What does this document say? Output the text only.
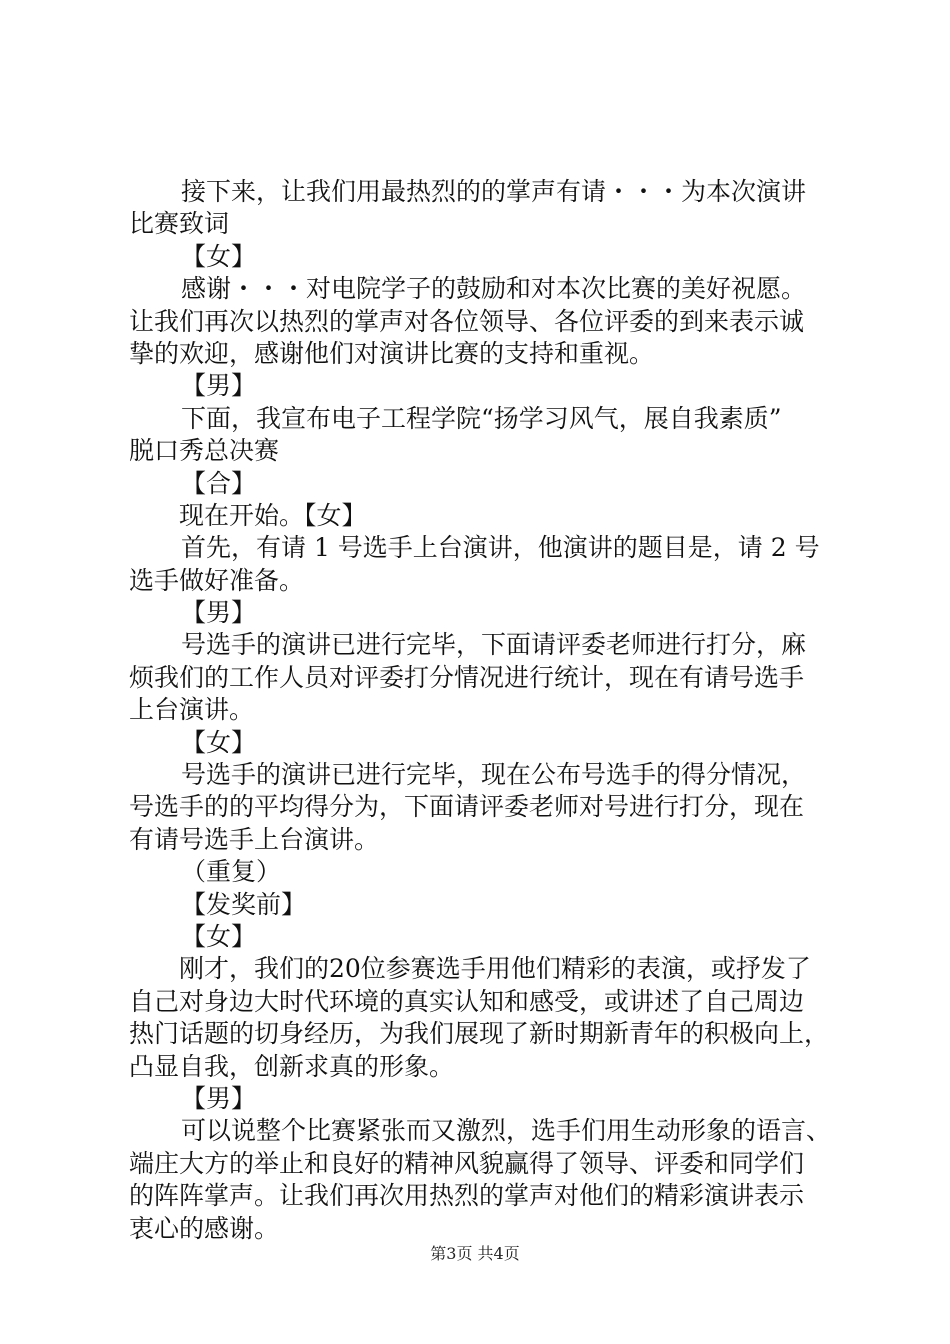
接下来，让我们用最热烈的的掌声有请・・・为本次演讲
比赛致词
【女】
感谢・・・对电院学子的鼓励和对本次比赛的美好祝愿。
让我们再次以热烈的掌声对各位领导、各位评委的到来表示诚
挚的欢迎，感谢他们对演讲比赛的支持和重视。
【男】
下面，我宣布电子工程学院“扬学习风气，展自我素质”
脱口秀总决赛
【合】
现在开始。【女】
首先，有请 1 号选手上台演讲，他演讲的题目是，请 2 号
选手做好准备。
【男】
号选手的演讲已进行完毕，下面请评委老师进行打分，麻
烦我们的工作人员对评委打分情况进行统计，现在有请号选手
上台演讲。
【女】
号选手的演讲已进行完毕，现在公布号选手的得分情况，
号选手的的平均得分为，下面请评委老师对号进行打分，现在
有请号选手上台演讲。
（重复）
【发奖前】
【女】
刚才，我们的20位参赛选手用他们精彩的表演，或抒发了
自己对身边大时代环境的真实认知和感受，或讲述了自己周边
热门话题的切身经历，为我们展现了新时期新青年的积极向上，
凸显自我，创新求真的形象。
【男】
可以说整个比赛紧张而又激烈，选手们用生动形象的语言、
端庄大方的举止和良好的精神风貌赢得了领导、评委和同学们
的阵阵掌声。让我们再次用热烈的掌声对他们的精彩演讲表示
衷心的感谢。
第3页 共4页
